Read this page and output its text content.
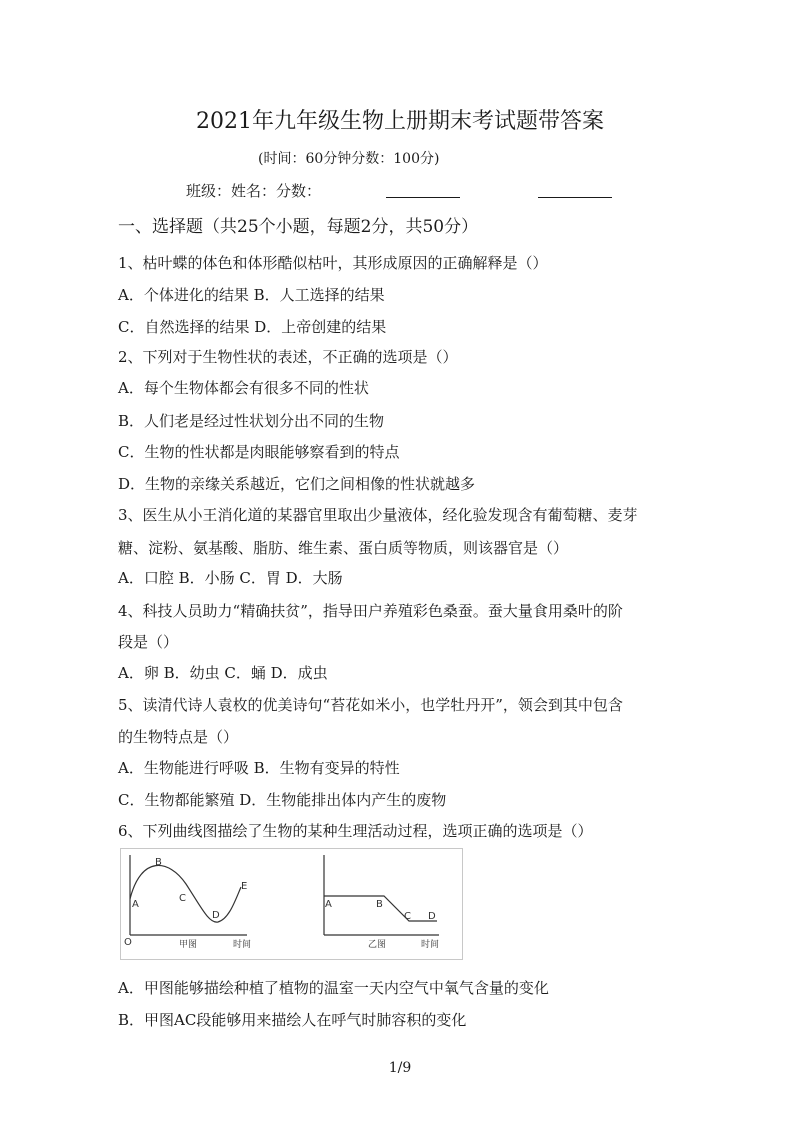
2021年九年级生物上册期末考试题带答案
(时间：60分钟分数：100分)
班级：姓名：分数：
一、选择题（共25个小题，每题2分，共50分）
1、枯叶蝶的体色和体形酷似枯叶，其形成原因的正确解释是（）
A．个体进化的结果 B．人工选择的结果
C．自然选择的结果 D．上帝创建的结果
2、下列对于生物性状的表述，不正确的选项是（）
A．每个生物体都会有很多不同的性状
B．人们老是经过性状划分出不同的生物
C．生物的性状都是肉眼能够察看到的特点
D．生物的亲缘关系越近，它们之间相像的性状就越多
3、医生从小王消化道的某器官里取出少量液体，经化验发现含有葡萄糖、麦芽
糖、淀粉、氨基酸、脂肪、维生素、蛋白质等物质，则该器官是（）
A．口腔 B．小肠 C．胃 D．大肠
4、科技人员助力“精确扶贫”，指导田户养殖彩色桑蚕。蚕大量食用桑叶的阶
段是（）
A．卵 B．幼虫 C．蛹 D．成虫
5、读清代诗人袁枚的优美诗句“苔花如米小，也学牡丹开”，领会到其中包含
的生物特点是（）
A．生物能进行呼吸 B．生物有变异的特性
C．生物都能繁殖 D．生物能排出体内产生的废物
6、下列曲线图描绘了生物的某种生理活动过程，选项正确的选项是（）
A
B
C
D
E
O	甲图	时间
A	B
C D
乙图	时间
A．甲图能够描绘种植了植物的温室一天内空气中氧气含量的变化
B．甲图AC段能够用来描绘人在呼气时肺容积的变化
1/9
